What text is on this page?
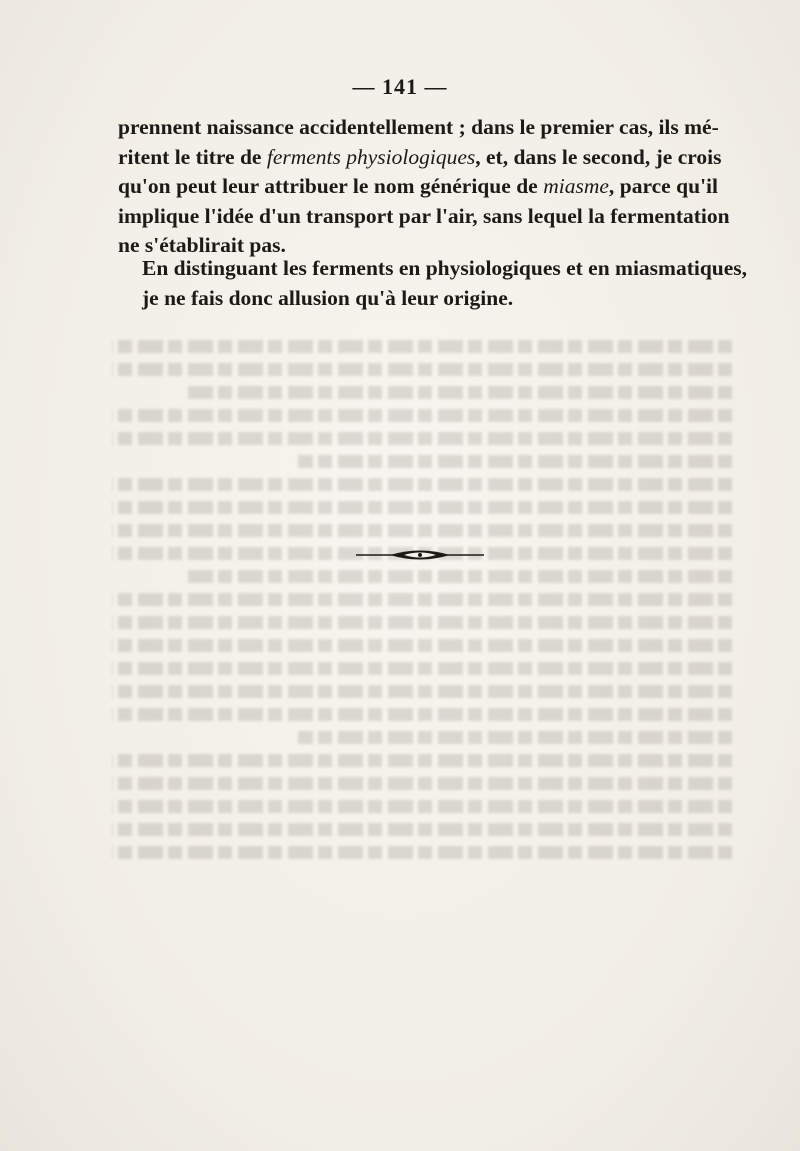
— 141 —
prennent naissance accidentellement ; dans le premier cas, ils mé-
ritent le titre de ferments physiologiques, et, dans le second, je crois
qu'on peut leur attribuer le nom générique de miasme, parce qu'il
implique l'idée d'un transport par l'air, sans lequel la fermentation
ne s'établirait pas.
En distinguant les ferments en physiologiques et en miasmatiques,
je ne fais donc allusion qu'à leur origine.
